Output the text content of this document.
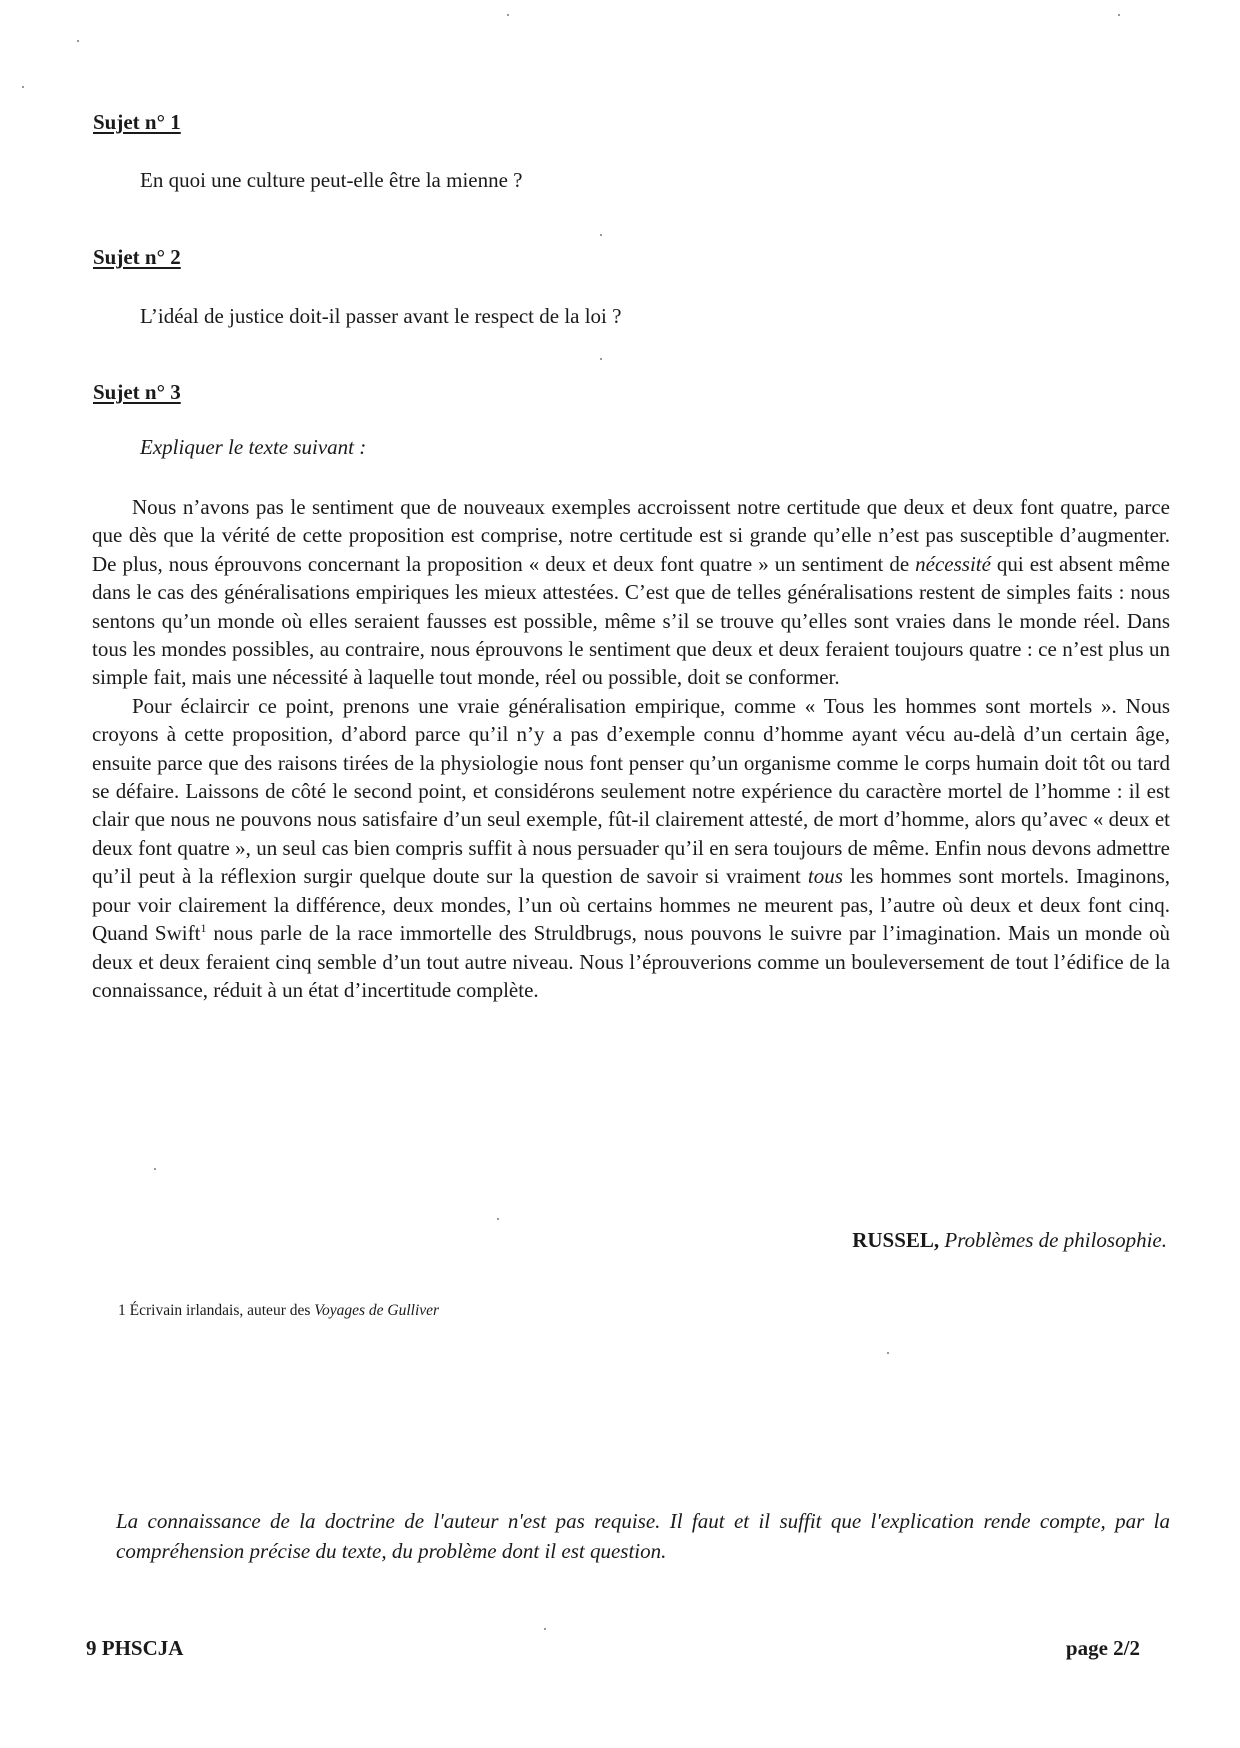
Sujet n° 1

En quoi une culture peut-elle être la mienne ?

Sujet n° 2

L’idéal de justice doit-il passer avant le respect de la loi ?

Sujet n° 3

Expliquer le texte suivant :

Nous n’avons pas le sentiment que de nouveaux exemples accroissent notre certitude que deux et deux font quatre, parce que dès que la vérité de cette proposition est comprise, notre certitude est si grande qu’elle n’est pas susceptible d’augmenter. De plus, nous éprouvons concernant la proposition « deux et deux font quatre » un sentiment de nécessité qui est absent même dans le cas des généralisations empiriques les mieux attestées. C’est que de telles généralisations restent de simples faits : nous sentons qu’un monde où elles seraient fausses est possible, même s’il se trouve qu’elles sont vraies dans le monde réel. Dans tous les mondes possibles, au contraire, nous éprouvons le sentiment que deux et deux feraient toujours quatre : ce n’est plus un simple fait, mais une nécessité à laquelle tout monde, réel ou possible, doit se conformer.

Pour éclaircir ce point, prenons une vraie généralisation empirique, comme « Tous les hommes sont mortels ». Nous croyons à cette proposition, d’abord parce qu’il n’y a pas d’exemple connu d’homme ayant vécu au-delà d’un certain âge, ensuite parce que des raisons tirées de la physiologie nous font penser qu’un organisme comme le corps humain doit tôt ou tard se défaire. Laissons de côté le second point, et considérons seulement notre expérience du caractère mortel de l’homme : il est clair que nous ne pouvons nous satisfaire d’un seul exemple, fût-il clairement attesté, de mort d’homme, alors qu’avec « deux et deux font quatre », un seul cas bien compris suffit à nous persuader qu’il en sera toujours de même. Enfin nous devons admettre qu’il peut à la réflexion surgir quelque doute sur la question de savoir si vraiment tous les hommes sont mortels. Imaginons, pour voir clairement la différence, deux mondes, l’un où certains hommes ne meurent pas, l’autre où deux et deux font cinq. Quand Swift$^1$ nous parle de la race immortelle des Struldbrugs, nous pouvons le suivre par l’imagination. Mais un monde où deux et deux feraient cinq semble d’un tout autre niveau. Nous l’éprouverions comme un bouleversement de tout l’édifice de la connaissance, réduit à un état d’incertitude complète.

RUSSEL, Problèmes de philosophie.

1 Écrivain irlandais, auteur des Voyages de Gulliver

La connaissance de la doctrine de l'auteur n'est pas requise. Il faut et il suffit que l'explication rende compte, par la compréhension précise du texte, du problème dont il est question.

9 PHSCJA	page 2/2
